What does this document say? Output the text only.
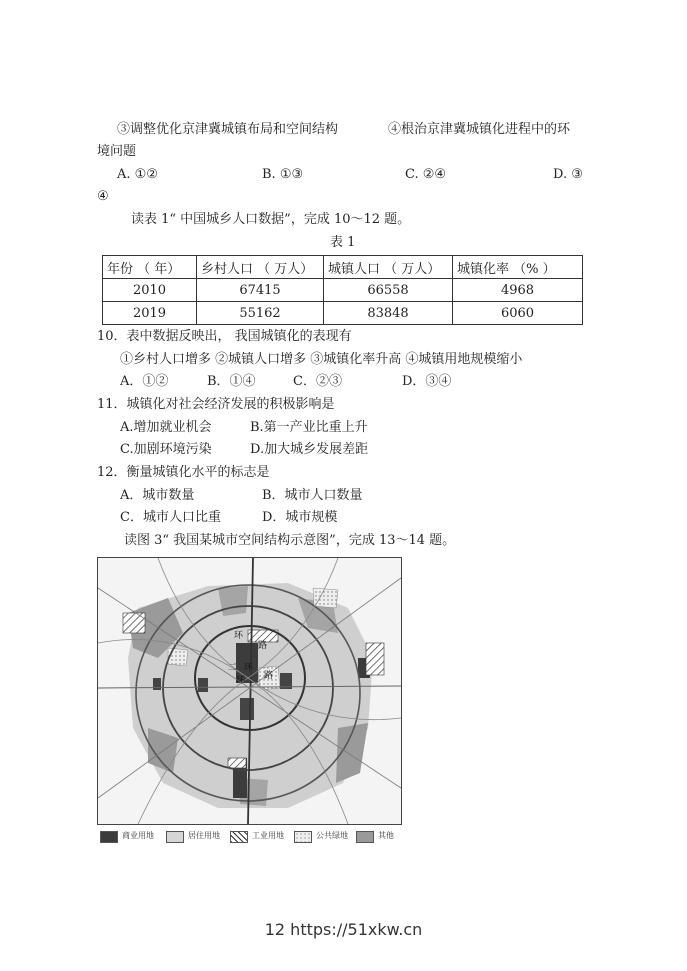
③调整优化京津冀城镇布局和空间结构	④根治京津冀城镇化进程中的环
境问题
A. ①②	B. ①③	C. ②④	D. ③
④
读表 1“ 中国城乡人口数据”，完成 10～12 题。
表 1
年份 （ 年）	乡村人口 （ 万人）	城镇人口 （ 万人）	城镇化率 （% ）
2010	67415	66558	4968
2019	55162	83848	6060
10．表中数据反映出， 我国城镇化的表现有
①乡村人口增多 ②城镇人口增多 ③城镇化率升高 ④城镇用地规模缩小
A．①②	B．①④	C．②③	D．③④
11．城镇化对社会经济发展的积极影响是
A.增加就业机会	B.第一产业比重上升
C.加剧环境污染	D.加大城乡发展差距
12．衡量城镇化水平的标志是
A．城市数量	B．城市人口数量
C．城市人口比重	D．城市规模
读图 3“ 我国某城市空间结构示意图”，完成 13～14 题。
环
路
二 环
环 路
商业用地	居住用地	工业用地	公共绿地	其他
12 https://51xkw.cn
